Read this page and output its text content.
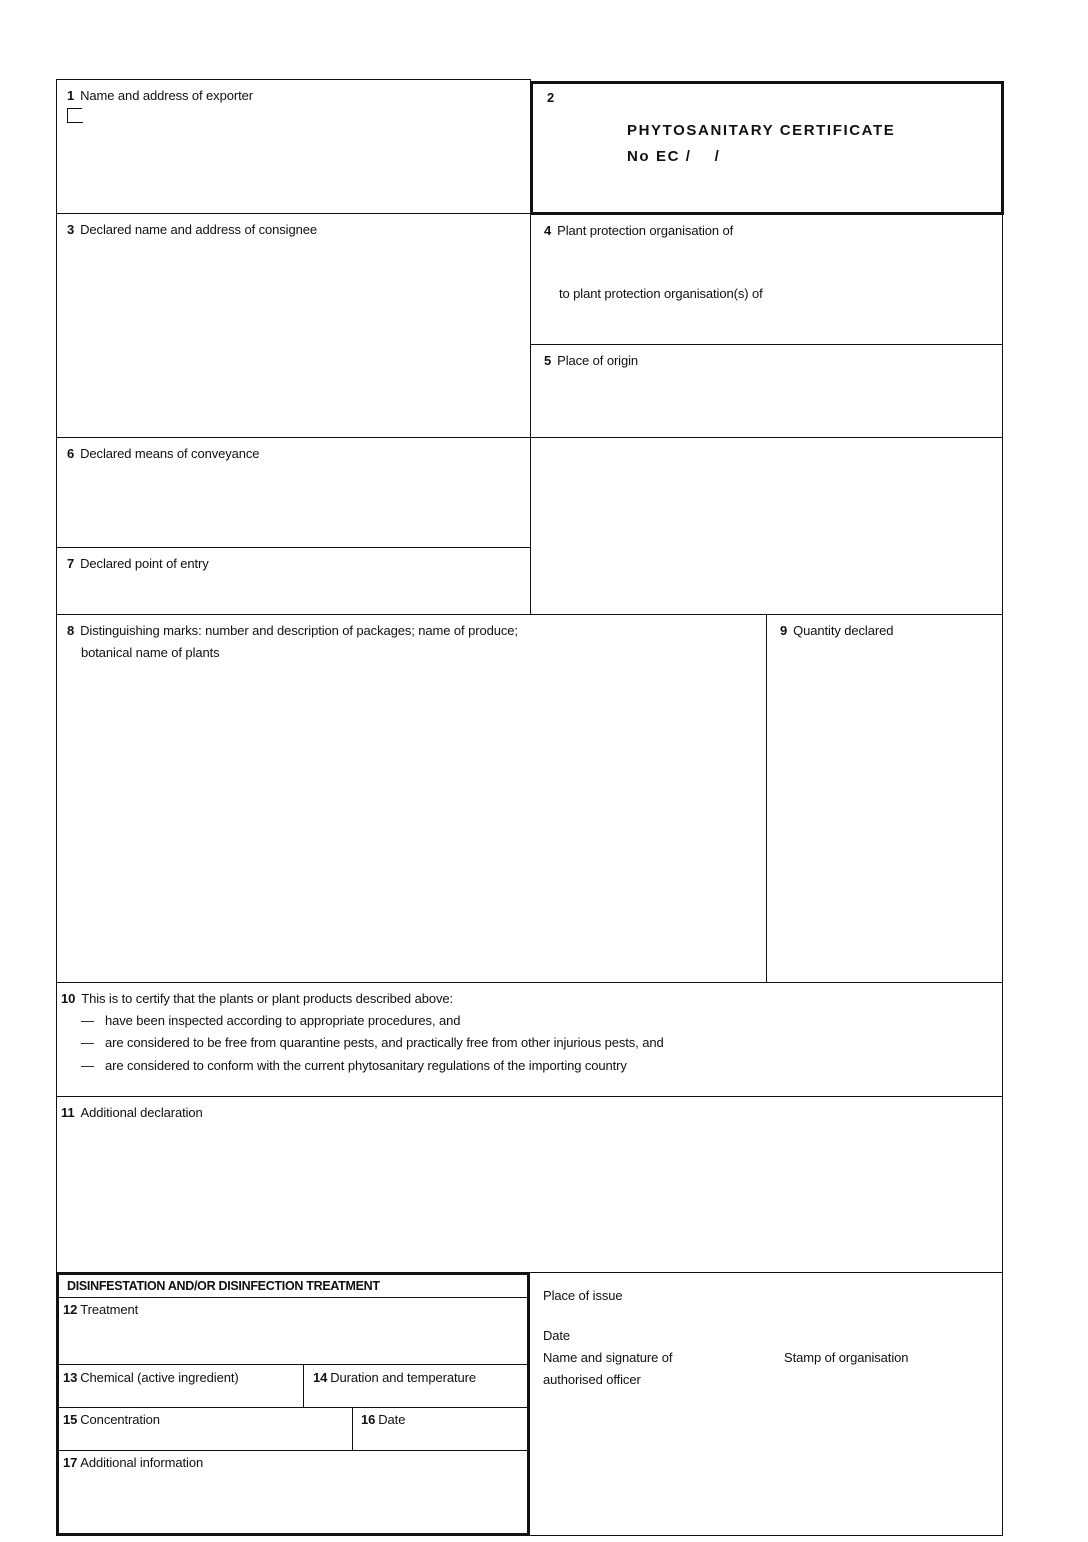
1 Name and address of exporter	2
PHYTOSANITARY CERTIFICATE
No EC /    /
3 Declared name and address of consignee	4 Plant protection organisation of
to plant protection organisation(s) of
5 Place of origin
6 Declared means of conveyance
7 Declared point of entry
8 Distinguishing marks: number and description of packages; name of produce;
botanical name of plants
9 Quantity declared
10 This is to certify that the plants or plant products described above:
— have been inspected according to appropriate procedures, and
— are considered to be free from quarantine pests, and practically free from other injurious pests, and
— are considered to conform with the current phytosanitary regulations of the importing country
11 Additional declaration
Place of issue
Date
Name and signature of
authorised officer
Stamp of organisation
DISINFESTATION AND/OR DISINFECTION TREATMENT
12 Treatment
13 Chemical (active ingredient)	14 Duration and temperature
15 Concentration	16 Date
17 Additional information
